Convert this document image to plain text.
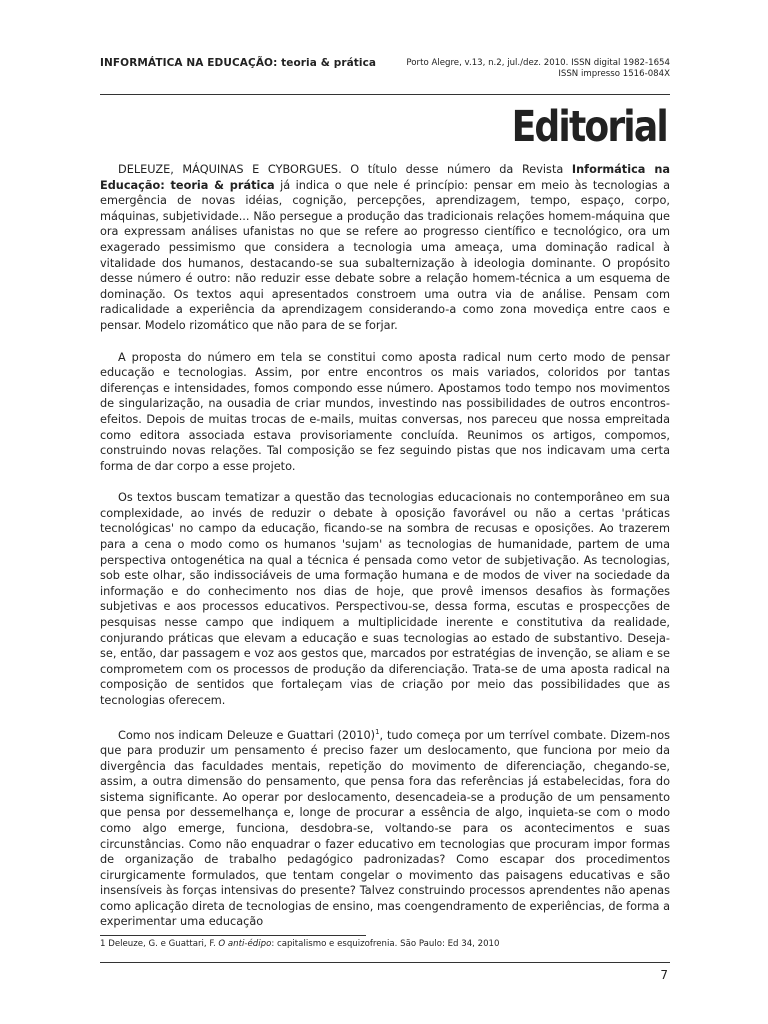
INFORMÁTICA NA EDUCAÇÃO: teoria & prática	Porto Alegre, v.13, n.2, jul./dez. 2010. ISSN digital 1982-1654
ISSN impresso 1516-084X
Editorial

DELEUZE, MÁQUINAS E CYBORGUES. O título desse número da Revista Informática na Educação: teoria & prática já indica o que nele é princípio: pensar em meio às tecnologias a emergência de novas idéias, cognição, percepções, aprendizagem, tempo, espaço, corpo, máquinas, subjetividade... Não persegue a produção das tradicionais relações homem-máquina que ora expressam análises ufanistas no que se refere ao progresso científico e tecnológico, ora um exagerado pessimismo que considera a tecnologia uma ameaça, uma dominação radical à vitalidade dos humanos, destacando-se sua subalternização à ideologia dominante. O propósito desse número é outro: não reduzir esse debate sobre a relação homem-técnica a um esquema de dominação. Os textos aqui apresentados constroem uma outra via de análise. Pensam com radicalidade a experiência da aprendizagem considerando-a como zona movediça entre caos e pensar. Modelo rizomático que não para de se forjar.

A proposta do número em tela se constitui como aposta radical num certo modo de pensar educação e tecnologias. Assim, por entre encontros os mais variados, coloridos por tantas diferenças e intensidades, fomos compondo esse número. Apostamos todo tempo nos movimentos de singularização, na ousadia de criar mundos, investindo nas possibilidades de outros encontros-efeitos. Depois de muitas trocas de e-mails, muitas conversas, nos pareceu que nossa empreitada como editora associada estava provisoriamente concluída. Reunimos os artigos, compomos, construindo novas relações. Tal composição se fez seguindo pistas que nos indicavam uma certa forma de dar corpo a esse projeto.

Os textos buscam tematizar a questão das tecnologias educacionais no contemporâneo em sua complexidade, ao invés de reduzir o debate à oposição favorável ou não a certas 'práticas tecnológicas' no campo da educação, ficando-se na sombra de recusas e oposições. Ao trazerem para a cena o modo como os humanos 'sujam' as tecnologias de humanidade, partem de uma perspectiva ontogenética na qual a técnica é pensada como vetor de subjetivação. As tecnologias, sob este olhar, são indissociáveis de uma formação humana e de modos de viver na sociedade da informação e do conhecimento nos dias de hoje, que provê imensos desafios às formações subjetivas e aos processos educativos. Perspectivou-se, dessa forma, escutas e prospecções de pesquisas nesse campo que indiquem a multiplicidade inerente e constitutiva da realidade, conjurando práticas que elevam a educação e suas tecnologias ao estado de substantivo. Deseja-se, então, dar passagem e voz aos gestos que, marcados por estratégias de invenção, se aliam e se comprometem com os processos de produção da diferenciação. Trata-se de uma aposta radical na composição de sentidos que fortaleçam vias de criação por meio das possibilidades que as tecnologias oferecem.

Como nos indicam Deleuze e Guattari $(2010)^1$, tudo começa por um terrível combate. Dizem-nos que para produzir um pensamento é preciso fazer um deslocamento, que funciona por meio da divergência das faculdades mentais, repetição do movimento de diferenciação, chegando-se, assim, a outra dimensão do pensamento, que pensa fora das referências já estabelecidas, fora do sistema significante. Ao operar por deslocamento, desencadeia-se a produção de um pensamento que pensa por dessemelhança e, longe de procurar a essência de algo, inquieta-se com o modo como algo emerge, funciona, desdobra-se, voltando-se para os acontecimentos e suas circunstâncias. Como não enquadrar o fazer educativo em tecnologias que procuram impor formas de organização de trabalho pedagógico padronizadas? Como escapar dos procedimentos cirurgicamente formulados, que tentam congelar o movimento das paisagens educativas e são insensíveis às forças intensivas do presente? Talvez construindo processos aprendentes não apenas como aplicação direta de tecnologias de ensino, mas coengendramento de experiências, de forma a experimentar uma educação

1 Deleuze, G. e Guattari, F. O anti-édipo: capitalismo e esquizofrenia. São Paulo: Ed 34, 2010
7
